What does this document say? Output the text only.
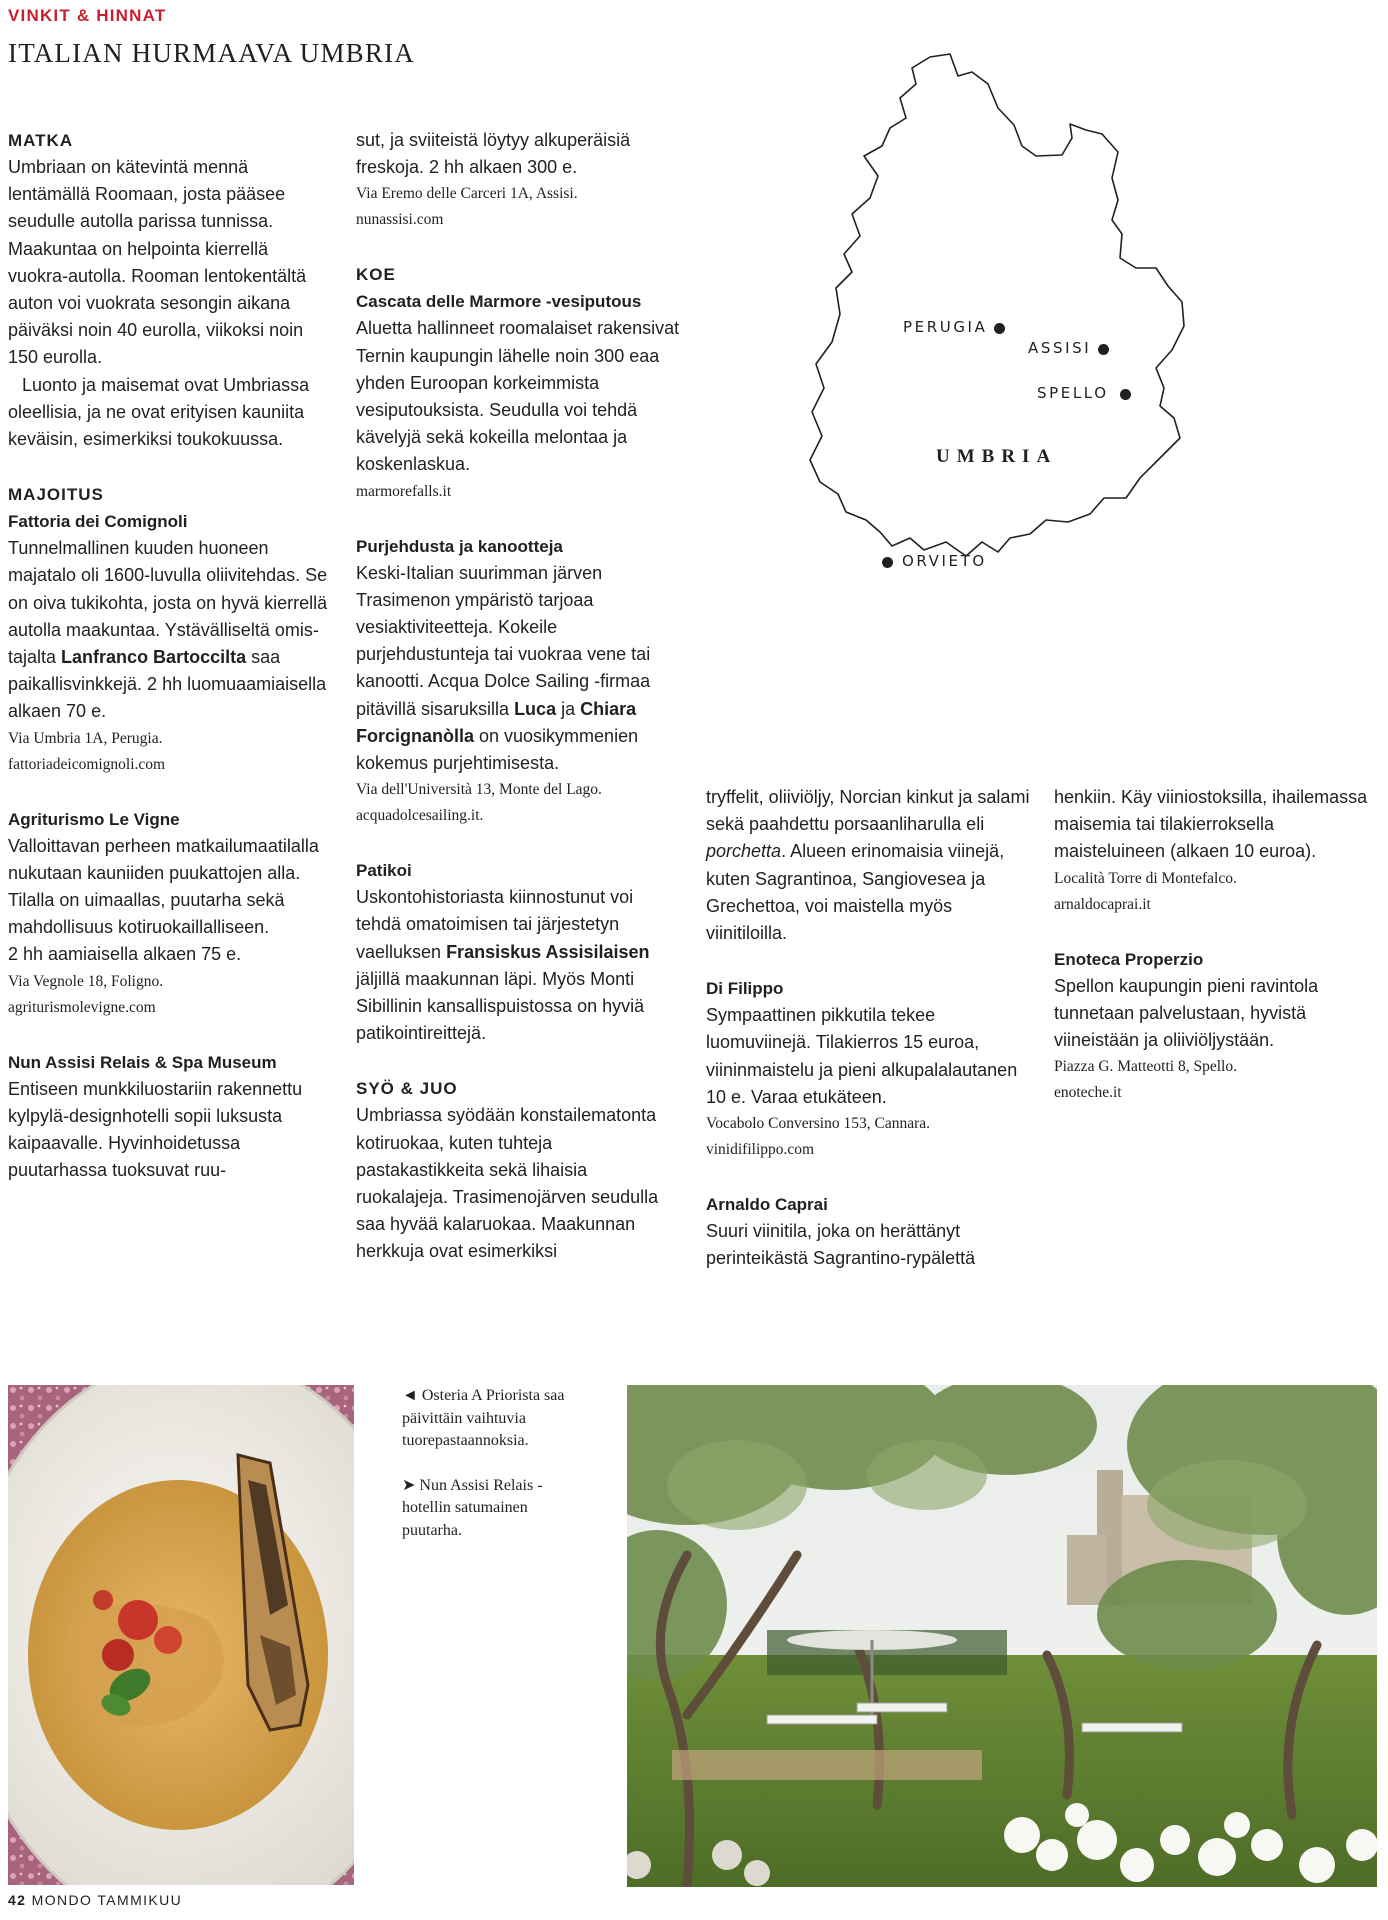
VINKIT & HINNAT
ITALIAN HURMAAVA UMBRIA

MATKA

Umbriaan on kätevintä mennä lentämällä Roomaan, josta pääsee seudulle autolla parissa tunnissa. Maakuntaa on helpointa kierrellä vuokra-autolla. Rooman lentokentältä auton voi vuokrata sesongin aikana päiväksi noin 40 eurolla, viikoksi noin 150 eurolla.

Luonto ja maisemat ovat Umbriassa oleellisia, ja ne ovat erityisen kauniita keväisin, esimerkiksi toukokuussa.

MAJOITUS

Fattoria dei Comignoli

Tunnelmallinen kuuden huoneen majatalo oli 1600-luvulla oliivitehdas. Se on oiva tukikohta, josta on hyvä kierrellä autolla maakuntaa. Ystävälliseltä omistajalta Lanfranco Bartoccilta saa paikallisvinkkejä. 2 hh luomuaamiaisella alkaen 70 e.

Via Umbria 1A, Perugia.

fattoriadeicomignoli.com

Agriturismo Le Vigne

Valloittavan perheen matkailumaatilalla nukutaan kauniiden puukattojen alla. Tilalla on uimaallas, puutarha sekä mahdollisuus kotiruokaillalliseen.

2 hh aamiaisella alkaen 75 e.

Via Vegnole 18, Foligno.

agriturismolevigne.com

Nun Assisi Relais & Spa Museum

Entiseen munkkiluostariin rakennettu kylpylä-designhotelli sopii luksusta kaipaavalle. Hyvinhoidetussa puutarhassa tuoksuvat ruu-

sut, ja sviiteistä löytyy alkuperäisiä freskoja. 2 hh alkaen 300 e.

Via Eremo delle Carceri 1A, Assisi.

nunassisi.com

KOE

Cascata delle Marmore -vesiputous

Aluetta hallinneet roomalaiset rakensivat Ternin kaupungin lähelle noin 300 eaa yhden Euroopan korkeimmista vesiputouksista. Seudulla voi tehdä kävelyjä sekä kokeilla melontaa ja koskenlaskua.

marmorefalls.it

Purjehdusta ja kanootteja

Keski-Italian suurimman järven Trasimenon ympäristö tarjoaa vesiaktiviteetteja. Kokeile purjehdustunteja tai vuokraa vene tai kanootti. Acqua Dolce Sailing -firmaa pitävillä sisaruksilla Luca ja Chiara Forcignanòlla on vuosikymmenien kokemus purjehtimisesta.

Via dell'Università 13, Monte del Lago.

acquadolcesailing.it.

Patikoi

Uskontohistoriasta kiinnostunut voi tehdä omatoimisen tai järjestetyn vaelluksen Fransiskus Assisilaisen jäljillä maakunnan läpi. Myös Monti Sibillinin kansallispuistossa on hyviä patikointireittejä.

SYÖ & JUO

Umbriassa syödään konstailematonta kotiruokaa, kuten tuhteja pastakastikkeita sekä lihaisia ruokalajeja. Trasimenojärven seudulla saa hyvää kalaruokaa. Maakunnan herkkuja ovat esimerkiksi

tryffelit, oliiviöljy, Norcian kinkut ja salami sekä paahdettu porsaanliharulla eli porchetta. Alueen erinomaisia viinejä, kuten Sagrantinoa, Sangiovesea ja Grechettoa, voi maistella myös viinitiloilla.

Di Filippo

Sympaattinen pikkutila tekee luomuviinejä. Tilakierros 15 euroa, viininmaistelu ja pieni alkupalalautanen 10 e. Varaa etukäteen.

Vocabolo Conversino 153, Cannara.

vinidifilippo.com

Arnaldo Caprai

Suuri viinitila, joka on herättänyt perinteikästä Sagrantino-rypälettä

henkiin. Käy viiniostoksilla, ihailemassa maisemia tai tilakierroksella maisteluineen (alkaen 10 euroa).

Località Torre di Montefalco.

arnaldocaprai.it

Enoteca Properzio

Spellon kaupungin pieni ravintola tunnetaan palvelustaan, hyvistä viineistään ja oliiviöljystään.

Piazza G. Matteotti 8, Spello.

enoteche.it

PERUGIA
ASSISI
SPELLO
UMBRIA
ORVIETO

◄ Osteria A Priorista saa päivittäin vaihtuvia tuorepastaannoksia.

➤ Nun Assisi Relais -hotellin satumainen puutarha.

42 MONDO TAMMIKUU
